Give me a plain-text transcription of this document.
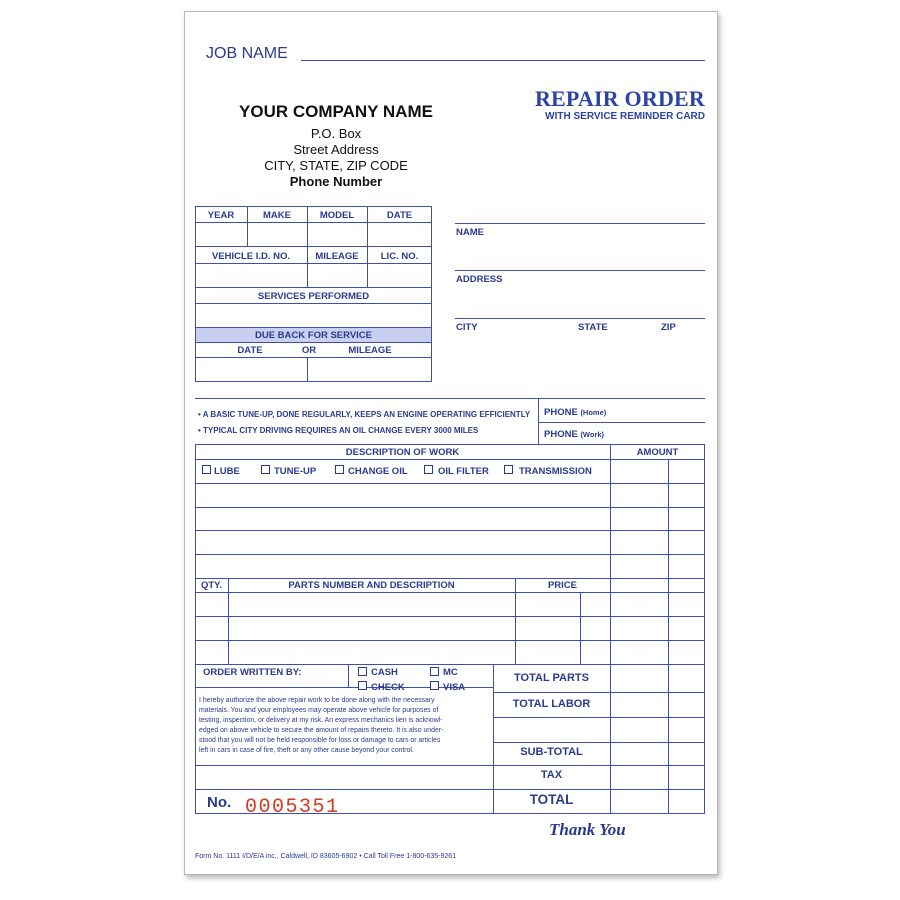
JOB NAME
YOUR COMPANY NAME
P.O. Box
Street Address
CITY, STATE, ZIP CODE
Phone Number
REPAIR ORDER
WITH SERVICE REMINDER CARD
YEAR	MAKE	MODEL	DATE
VEHICLE I.D. NO.	MILEAGE	LIC. NO.
SERVICES PERFORMED
DUE BACK FOR SERVICE
DATE	OR	MILEAGE
NAME
ADDRESS
CITY	STATE	ZIP
• A BASIC TUNE-UP, DONE REGULARLY, KEEPS AN ENGINE OPERATING EFFICIENTLY
• TYPICAL CITY DRIVING REQUIRES AN OIL CHANGE EVERY 3000 MILES
PHONE (Home)
PHONE (Work)
DESCRIPTION OF WORK	AMOUNT
LUBE	TUNE-UP	CHANGE OIL	OIL FILTER	TRANSMISSION
QTY.	PARTS NUMBER AND DESCRIPTION	PRICE
ORDER WRITTEN BY:	CASH
CHECK
MC
VISA
I hereby authorize the above repair work to be done along with the necessary
materials. You and your employees may operate above vehicle for purposes of
testing, inspection, or delivery at my risk. An express mechanics lien is acknowl-
edged on above vehicle to secure the amount of repairs thereto. It is also under-
stood that you will not be held responsible for loss or damage to cars or articles
left in cars in case of fire, theft or any other cause beyond your control.
TOTAL PARTS
TOTAL LABOR
SUB-TOTAL
TAX
TOTAL
No. 0005351
Thank You
Form No. 1111 I/D/E/A inc., Caldwell, ID 83605-6902 • Call Toll Free 1-800-635-9261
